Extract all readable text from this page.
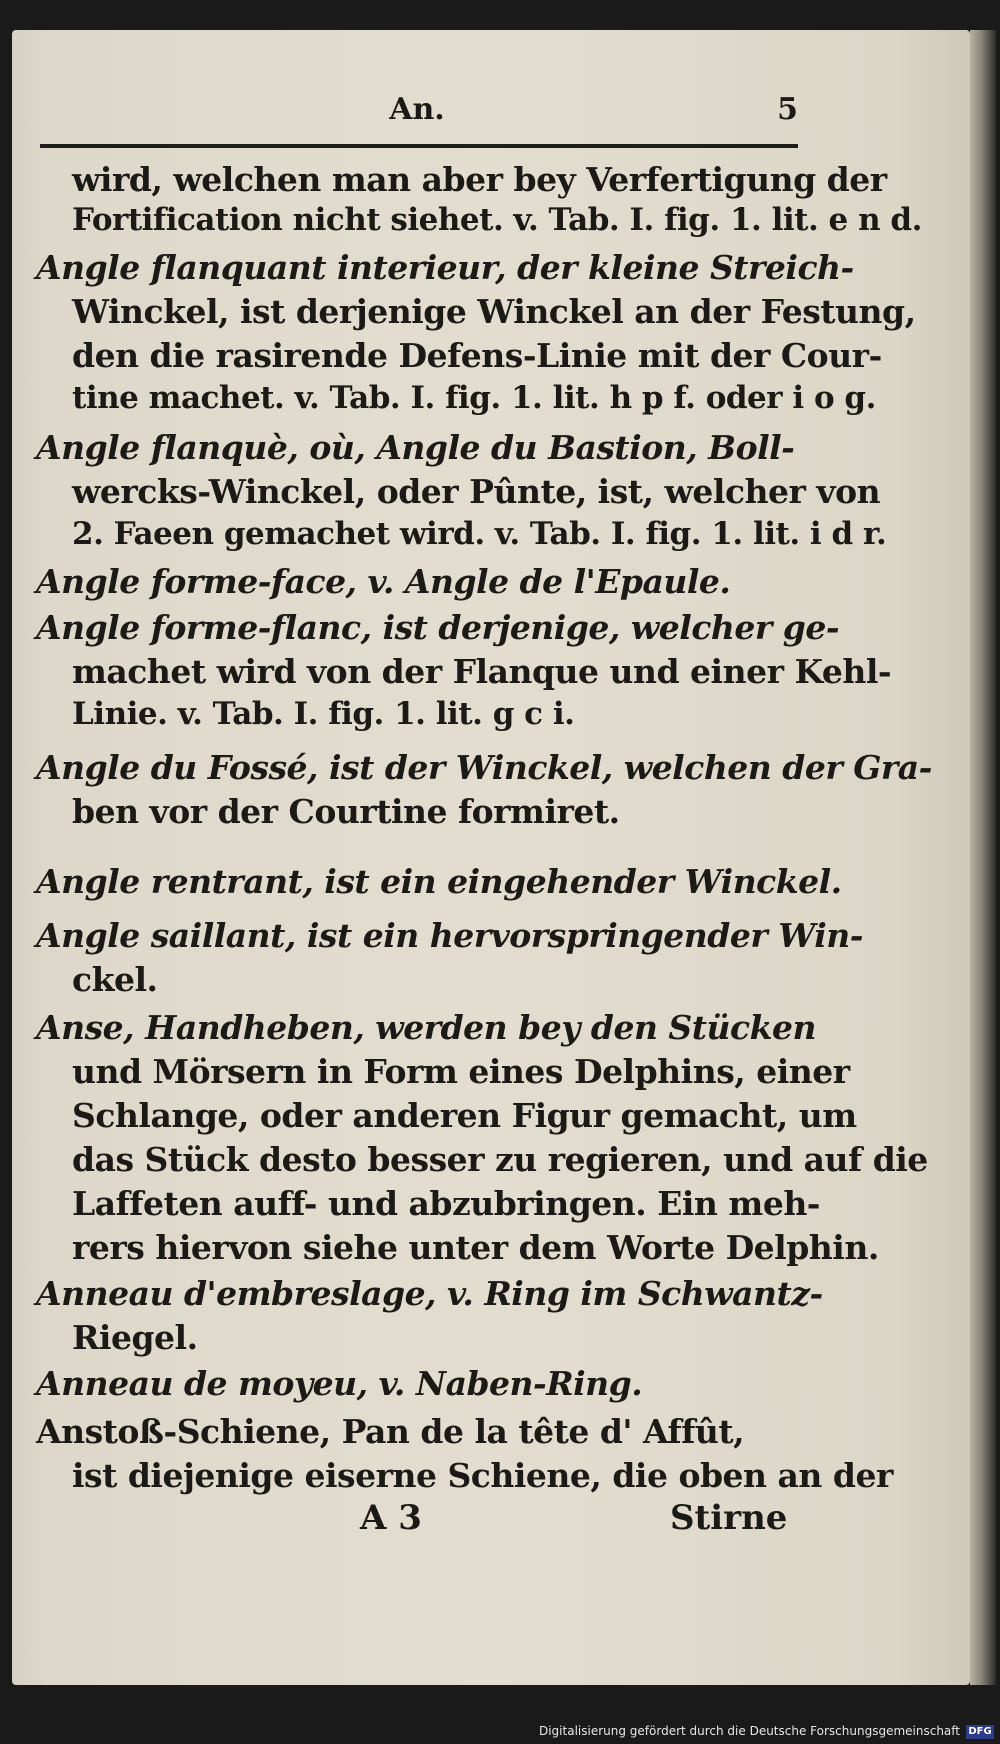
An.	5
wird, welchen man aber bey Verfertigung der
Fortification nicht siehet. v. Tab. I. fig. 1. lit. e n d.
Angle flanquant interieur, der kleine Streich-
Winckel, ist derjenige Winckel an der Festung,
den die rasirende Defens-Linie mit der Cour-
tine machet. v. Tab. I. fig. 1. lit. h p f. oder i o g.
Angle flanquè, où, Angle du Bastion, Boll-
wercks-Winckel, oder Pûnte, ist, welcher von
2. Faeen gemachet wird. v. Tab. I. fig. 1. lit. i d r.
Angle forme-face, v. Angle de l'Epaule.
Angle forme-flanc, ist derjenige, welcher ge-
machet wird von der Flanque und einer Kehl-
Linie. v. Tab. I. fig. 1. lit. g c i.
Angle du Fossé, ist der Winckel, welchen der Gra-
ben vor der Courtine formiret.
Angle rentrant, ist ein eingehender Winckel.
Angle saillant, ist ein hervorspringender Win-
ckel.
Anse, Handheben, werden bey den Stücken
und Mörsern in Form eines Delphins, einer
Schlange, oder anderen Figur gemacht, um
das Stück desto besser zu regieren, und auf die
Laffeten auff- und abzubringen. Ein meh-
rers hiervon siehe unter dem Worte Delphin.
Anneau d'embreslage, v. Ring im Schwantz-
Riegel.
Anneau de moyeu, v. Naben-Ring.
Anstoß-Schiene, Pan de la tête d' Affût,
ist diejenige eiserne Schiene, die oben an der
A 3	Stirne
Digitalisierung gefördert durch die Deutsche Forschungsgemeinschaft DFG
